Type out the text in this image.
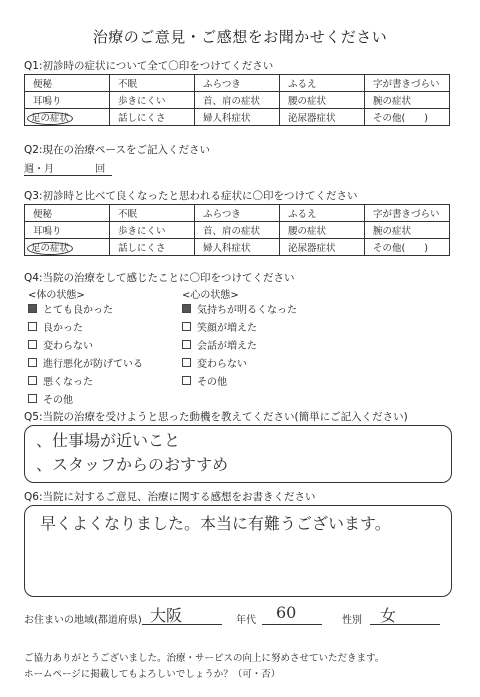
治療のご意見・ご感想をお聞かせください
Q1:初診時の症状について全て〇印をつけてください
便秘	不眠	ふらつき	ふるえ	字が書きづらい
耳鳴り	歩きにくい	首、肩の症状	腰の症状	腕の症状
足の症状	話しにくさ	婦人科症状	泌尿器症状	その他(　　)
Q2:現在の治療ペースをご記入ください
週・月	回
Q3:初診時と比べて良くなったと思われる症状に〇印をつけてください
便秘	不眠	ふらつき	ふるえ	字が書きづらい
耳鳴り	歩きにくい	首、肩の症状	腰の症状	腕の症状
足の症状	話しにくさ	婦人科症状	泌尿器症状	その他(　　)
Q4:当院の治療をして感じたことに〇印をつけてください
<体の状態>	<心の状態>
とても良かった
良かった
変わらない
進行悪化が防げている
悪くなった
その他
気持ちが明るくなった
笑顔が増えた
会話が増えた
変わらない
その他
Q5:当院の治療を受けようと思った動機を教えてください(簡単にご記入ください)
、仕事場が近いこと
、スタッフからのおすすめ
Q6:当院に対するご意見、治療に関する感想をお書きください
早くよくなりました。本当に有難うございます。
お住まいの地域(都道府県) 大阪	年代 60	性別 女
ご協力ありがとうございました。治療・サービスの向上に努めさせていただきます。
ホームページに掲載してもよろしいでしょうか？（可・否）
